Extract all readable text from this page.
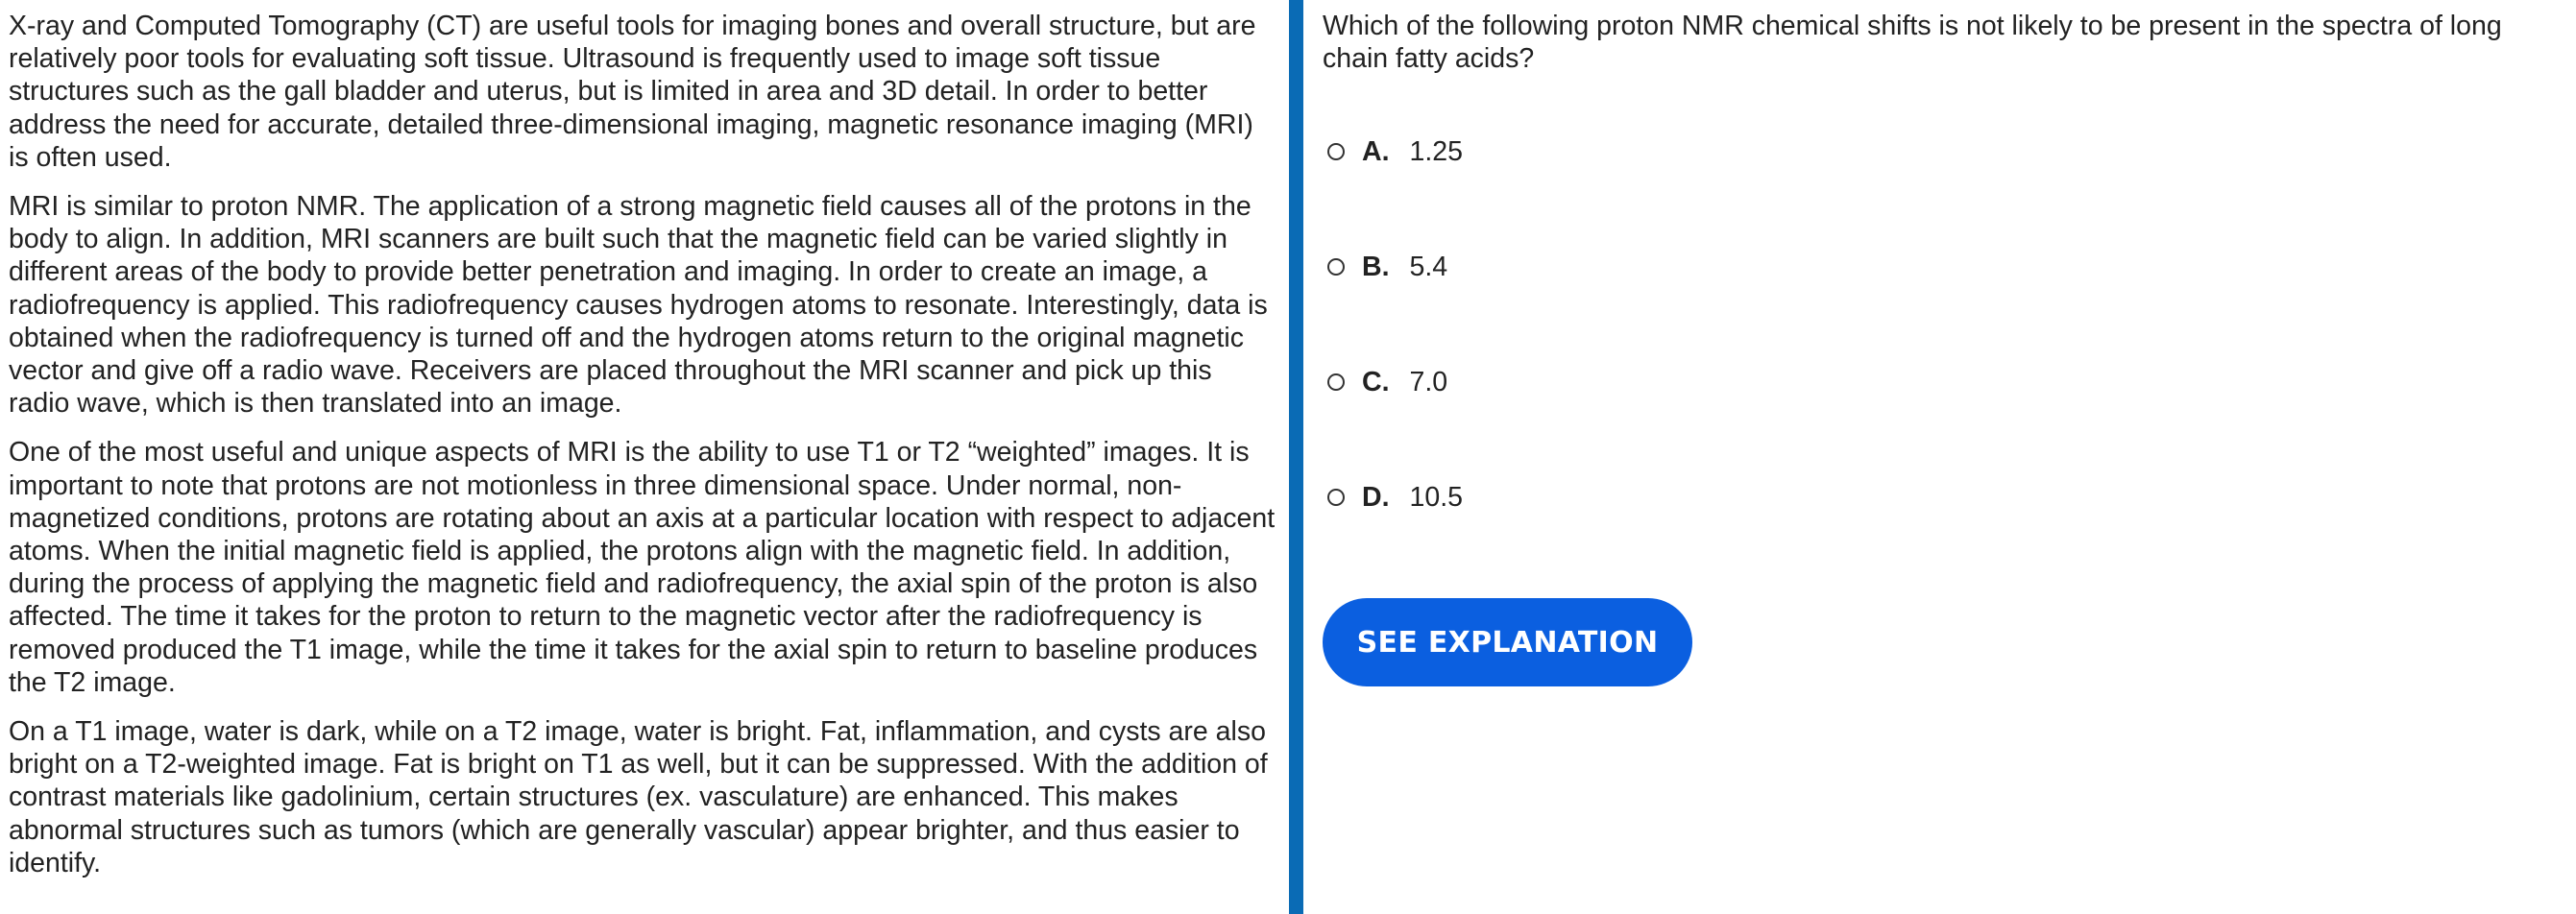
X-ray and Computed Tomography (CT) are useful tools for imaging bones and overall structure, but are relatively poor tools for evaluating soft tissue. Ultrasound is frequently used to image soft tissue structures such as the gall bladder and uterus, but is limited in area and 3D detail. In order to better address the need for accurate, detailed three-dimensional imaging, magnetic resonance imaging (MRI) is often used.

MRI is similar to proton NMR. The application of a strong magnetic field causes all of the protons in the body to align. In addition, MRI scanners are built such that the magnetic field can be varied slightly in different areas of the body to provide better penetration and imaging. In order to create an image, a radiofrequency is applied. This radiofrequency causes hydrogen atoms to resonate. Interestingly, data is obtained when the radiofrequency is turned off and the hydrogen atoms return to the original magnetic vector and give off a radio wave. Receivers are placed throughout the MRI scanner and pick up this radio wave, which is then translated into an image.

One of the most useful and unique aspects of MRI is the ability to use T1 or T2 “weighted” images. It is important to note that protons are not motionless in three dimensional space. Under normal, non-magnetized conditions, protons are rotating about an axis at a particular location with respect to adjacent atoms. When the initial magnetic field is applied, the protons align with the magnetic field. In addition, during the process of applying the magnetic field and radiofrequency, the axial spin of the proton is also affected. The time it takes for the proton to return to the magnetic vector after the radiofrequency is removed produced the T1 image, while the time it takes for the axial spin to return to baseline produces the T2 image.

On a T1 image, water is dark, while on a T2 image, water is bright. Fat, inflammation, and cysts are also bright on a T2-weighted image. Fat is bright on T1 as well, but it can be suppressed. With the addition of contrast materials like gadolinium, certain structures (ex. vasculature) are enhanced. This makes abnormal structures such as tumors (which are generally vascular) appear brighter, and thus easier to identify.

Which of the following proton NMR chemical shifts is not likely to be present in the spectra of long chain fatty acids?

A. 1.25
B. 5.4
C. 7.0
D. 10.5
SEE EXPLANATION
